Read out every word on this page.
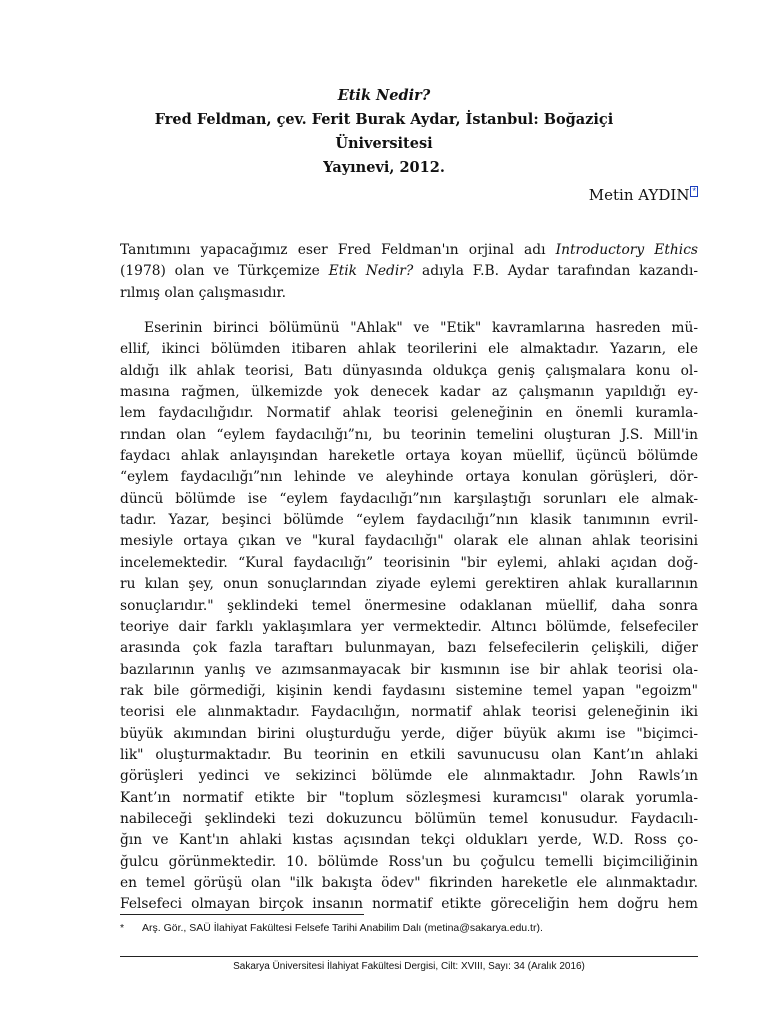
Etik Nedir?
Fred Feldman, çev. Ferit Burak Aydar, İstanbul: Boğaziçi Üniversitesi
Yayınevi, 2012.
Metin AYDIN *
Tanıtımını yapacağımız eser Fred Feldman'ın orjinal adı Introductory Ethics
(1978) olan ve Türkçemize Etik Nedir? adıyla F.B. Aydar tarafından kazandı-
rılmış olan çalışmasıdır.
Eserinin birinci bölümünü "Ahlak" ve "Etik" kavramlarına hasreden mü-
ellif, ikinci bölümden itibaren ahlak teorilerini ele almaktadır. Yazarın, ele
aldığı ilk ahlak teorisi, Batı dünyasında oldukça geniş çalışmalara konu ol-
masına rağmen, ülkemizde yok denecek kadar az çalışmanın yapıldığı ey-
lem faydacılığıdır. Normatif ahlak teorisi geleneğinin en önemli kuramla-
rından olan “eylem faydacılığı”nı, bu teorinin temelini oluşturan J.S. Mill'in
faydacı ahlak anlayışından hareketle ortaya koyan müellif, üçüncü bölümde
“eylem faydacılığı”nın lehinde ve aleyhinde ortaya konulan görüşleri, dör-
düncü bölümde ise “eylem faydacılığı”nın karşılaştığı sorunları ele almak-
tadır. Yazar, beşinci bölümde “eylem faydacılığı”nın klasik tanımının evril-
mesiyle ortaya çıkan ve "kural faydacılığı" olarak ele alınan ahlak teorisini
incelemektedir. “Kural faydacılığı” teorisinin "bir eylemi, ahlaki açıdan doğ-
ru kılan şey, onun sonuçlarından ziyade eylemi gerektiren ahlak kurallarının
sonuçlarıdır." şeklindeki temel önermesine odaklanan müellif, daha sonra
teoriye dair farklı yaklaşımlara yer vermektedir. Altıncı bölümde, felsefeciler
arasında çok fazla taraftarı bulunmayan, bazı felsefecilerin çelişkili, diğer
bazılarının yanlış ve azımsanmayacak bir kısmının ise bir ahlak teorisi ola-
rak bile görmediği, kişinin kendi faydasını sistemine temel yapan "egoizm"
teorisi ele alınmaktadır. Faydacılığın, normatif ahlak teorisi geleneğinin iki
büyük akımından birini oluşturduğu yerde, diğer büyük akımı ise "biçimci-
lik" oluşturmaktadır. Bu teorinin en etkili savunucusu olan Kant’ın ahlaki
görüşleri yedinci ve sekizinci bölümde ele alınmaktadır. John Rawls’ın
Kant’ın normatif etikte bir "toplum sözleşmesi kuramcısı" olarak yorumla-
nabileceği şeklindeki tezi dokuzuncu bölümün temel konusudur. Faydacılı-
ğın ve Kant'ın ahlaki kıstas açısından tekçi oldukları yerde, W.D. Ross ço-
ğulcu görünmektedir. 10. bölümde Ross'un bu çoğulcu temelli biçimciliğinin
en temel görüşü olan "ilk bakışta ödev" fikrinden hareketle ele alınmaktadır.
Felsefeci olmayan birçok insanın normatif etikte göreceliğin hem doğru hem
* Arş. Gör., SAÜ İlahiyat Fakültesi Felsefe Tarihi Anabilim Dalı (metina@sakarya.edu.tr).
Sakarya Üniversitesi İlahiyat Fakültesi Dergisi, Cilt: XVIII, Sayı: 34 (Aralık 2016)
